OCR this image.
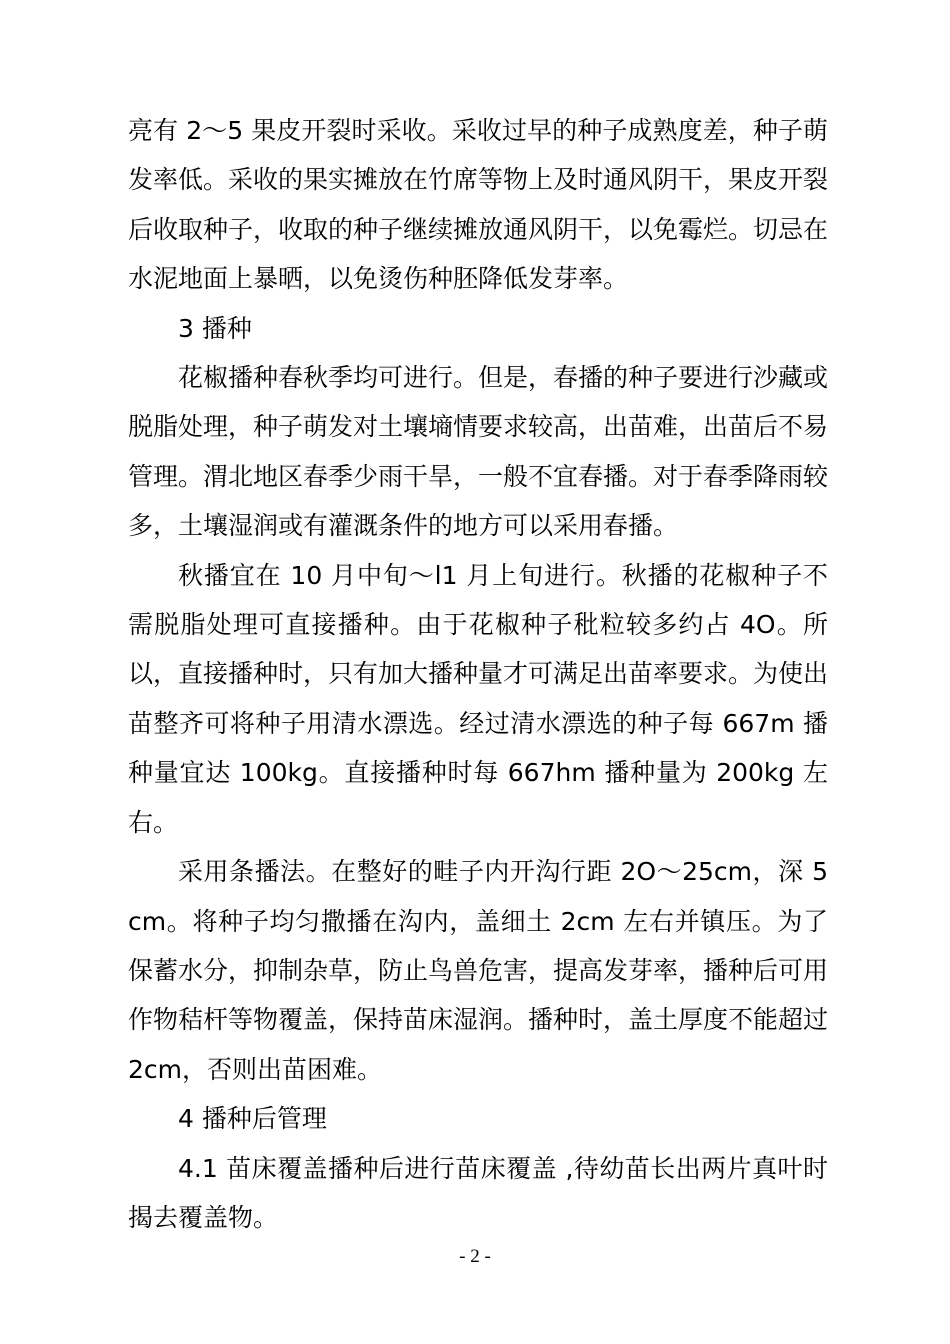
亮有 2～5 果皮开裂时采收。采收过早的种子成熟度差，种子萌发率低。采收的果实摊放在竹席等物上及时通风阴干，果皮开裂后收取种子，收取的种子继续摊放通风阴干，以免霉烂。切忌在水泥地面上暴晒，以免烫伤种胚降低发芽率。

3 播种

花椒播种春秋季均可进行。但是，春播的种子要进行沙藏或脱脂处理，种子萌发对土壤墒情要求较高，出苗难，出苗后不易管理。渭北地区春季少雨干旱，一般不宜春播。对于春季降雨较多，土壤湿润或有灌溉条件的地方可以采用春播。

秋播宜在 10 月中旬～l1 月上旬进行。秋播的花椒种子不需脱脂处理可直接播种。由于花椒种子秕粒较多约占 4O。所以，直接播种时，只有加大播种量才可满足出苗率要求。为使出苗整齐可将种子用清水漂选。经过清水漂选的种子每 667m 播种量宜达 100kg。直接播种时每 667hm 播种量为 200kg 左右。

采用条播法。在整好的畦子内开沟行距 2O～25cm，深 5cm。将种子均匀撒播在沟内，盖细土 2cm 左右并镇压。为了保蓄水分，抑制杂草，防止鸟兽危害，提高发芽率，播种后可用作物秸杆等物覆盖，保持苗床湿润。播种时，盖土厚度不能超过 2cm，否则出苗困难。

4 播种后管理

4.1 苗床覆盖播种后进行苗床覆盖 ,待幼苗长出两片真叶时揭去覆盖物。

- 2 -
